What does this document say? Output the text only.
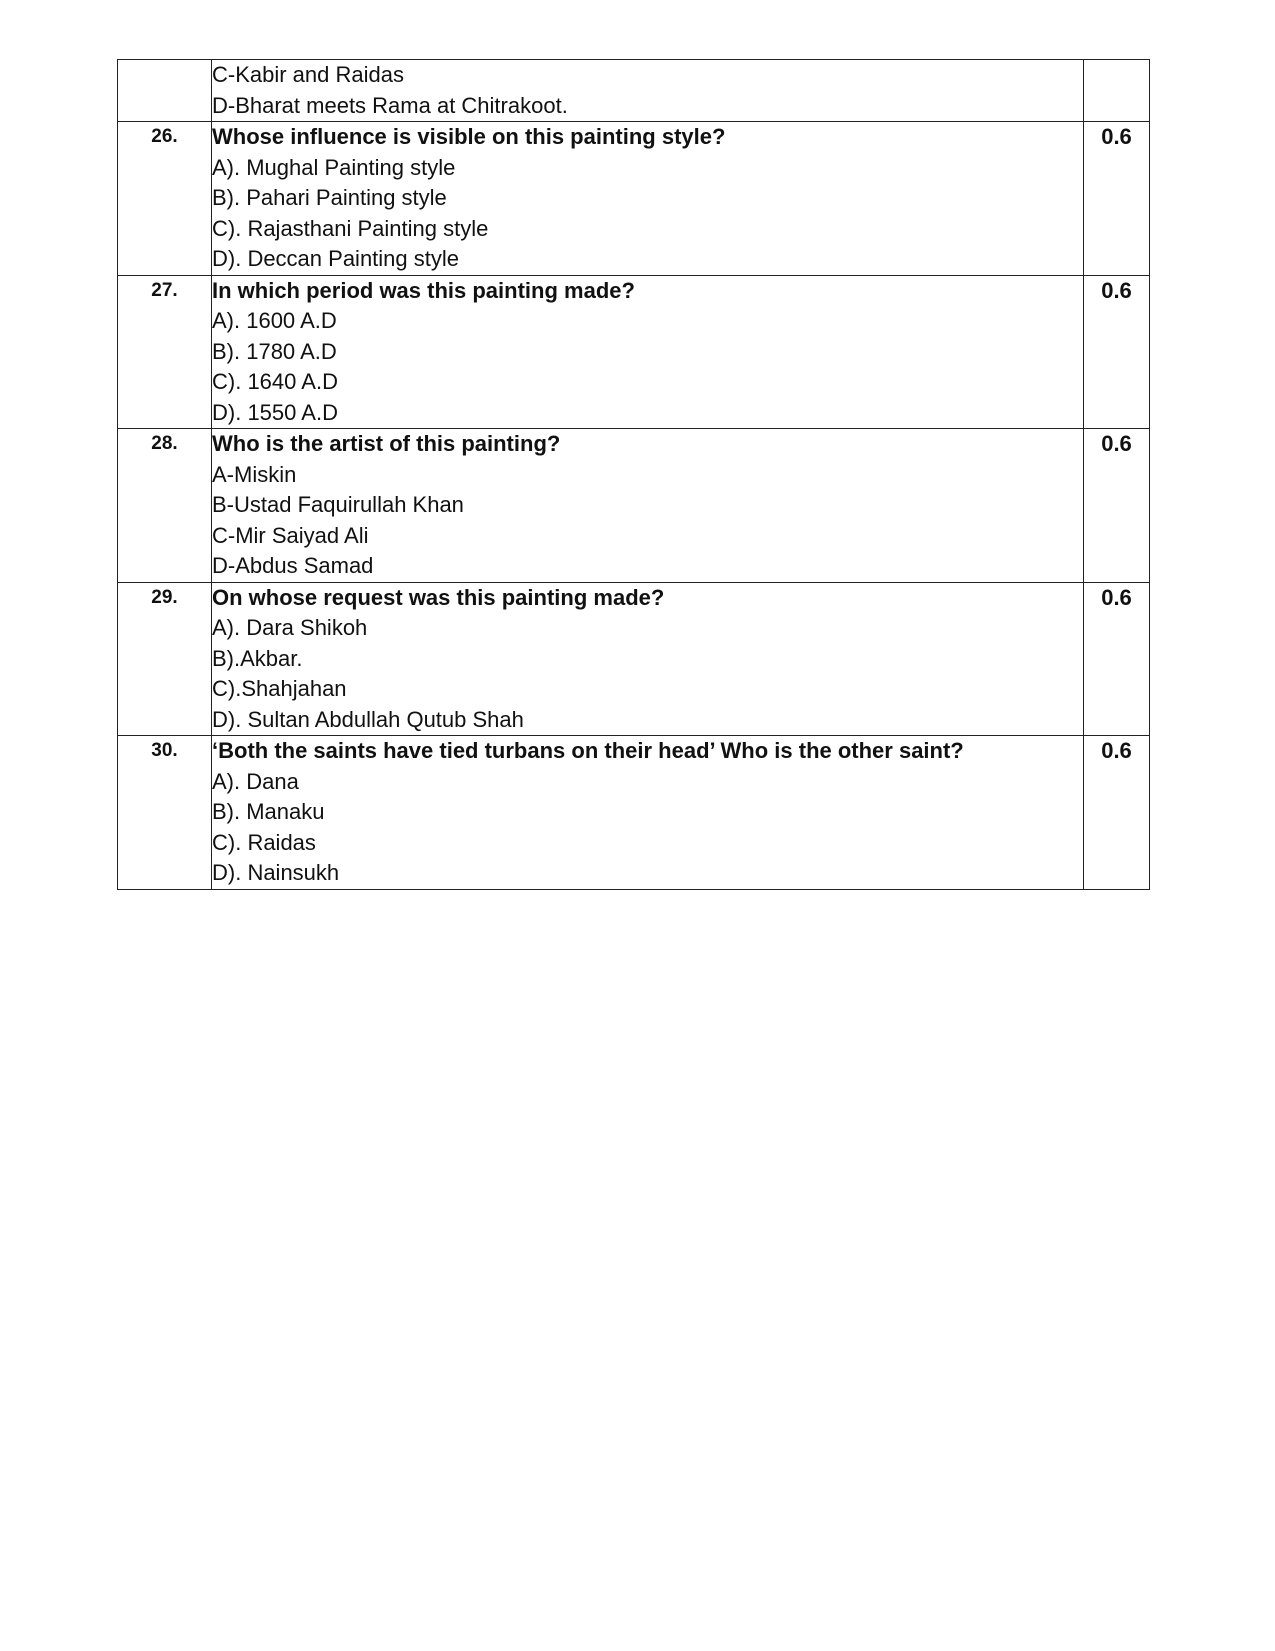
	C-Kabir and Raidas

D-Bharat meets Rama at Chitrakoot.	

26.	Whose influence is visible on this painting style?

A). Mughal Painting style

B). Pahari Painting style

C). Rajasthani Painting style

D). Deccan Painting style	0.6
27.	In which period was this painting made?

A). 1600 A.D

B). 1780 A.D

C). 1640 A.D

D). 1550 A.D	0.6
28.	Who is the artist of this painting?

A-Miskin

B-Ustad Faquirullah Khan

C-Mir Saiyad Ali

D-Abdus Samad	0.6
29.	On whose request was this painting made?

A). Dara Shikoh

B).Akbar.

C).Shahjahan

D). Sultan Abdullah Qutub Shah	0.6
30.	‘Both the saints have tied turbans on their head’ Who is the other saint?

A). Dana

B). Manaku

C). Raidas

D). Nainsukh	0.6
